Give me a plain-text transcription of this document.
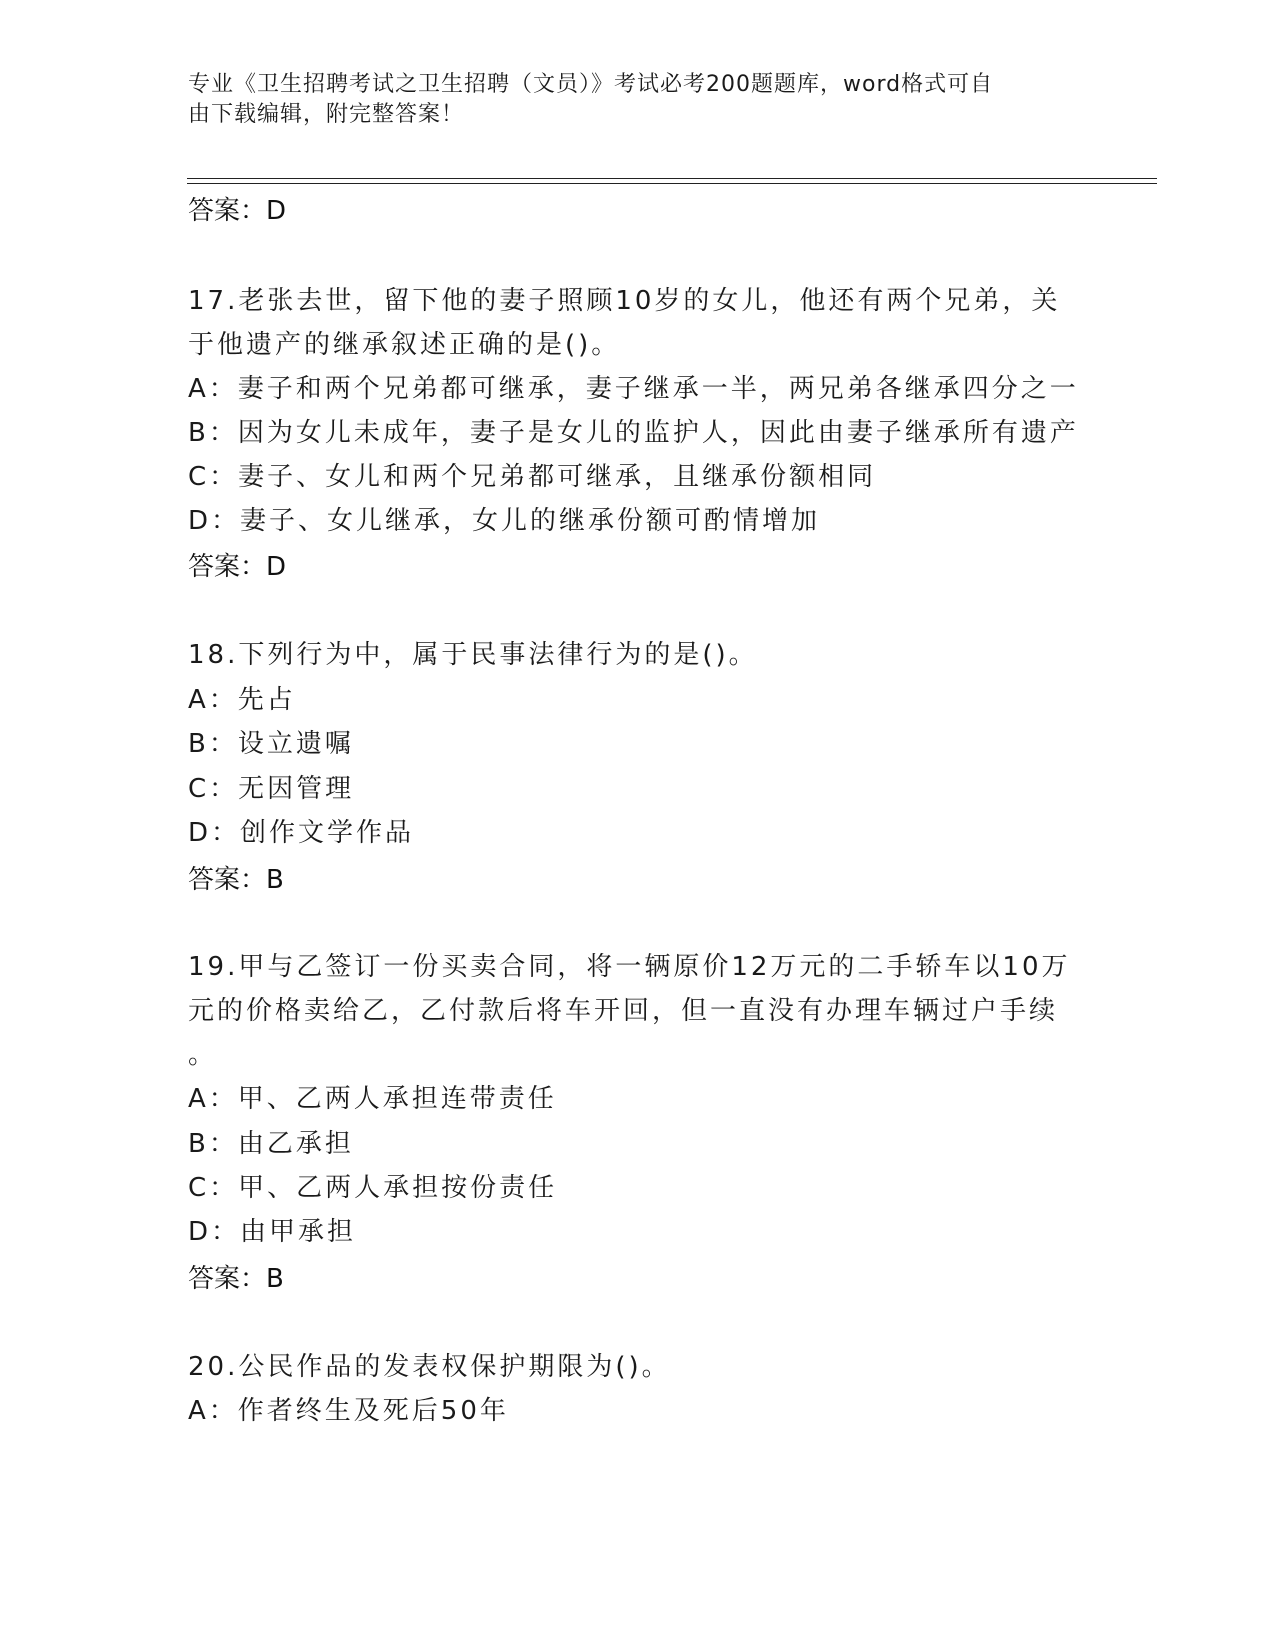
专业《卫生招聘考试之卫生招聘（文员）》考试必考200题题库，word格式可自
由下载编辑，附完整答案！
答案：D
17.老张去世，留下他的妻子照顾10岁的女儿，他还有两个兄弟，关
于他遗产的继承叙述正确的是()。
A：妻子和两个兄弟都可继承，妻子继承一半，两兄弟各继承四分之一
B：因为女儿未成年，妻子是女儿的监护人，因此由妻子继承所有遗产
C：妻子、女儿和两个兄弟都可继承，且继承份额相同
D：妻子、女儿继承，女儿的继承份额可酌情增加
答案：D
18.下列行为中，属于民事法律行为的是()。
A：先占
B：设立遗嘱
C：无因管理
D：创作文学作品
答案：B
19.甲与乙签订一份买卖合同，将一辆原价12万元的二手轿车以10万
元的价格卖给乙，乙付款后将车开回，但一直没有办理车辆过户手续
。
A：甲、乙两人承担连带责任
B：由乙承担
C：甲、乙两人承担按份责任
D：由甲承担
答案：B
20.公民作品的发表权保护期限为()。
A：作者终生及死后50年
